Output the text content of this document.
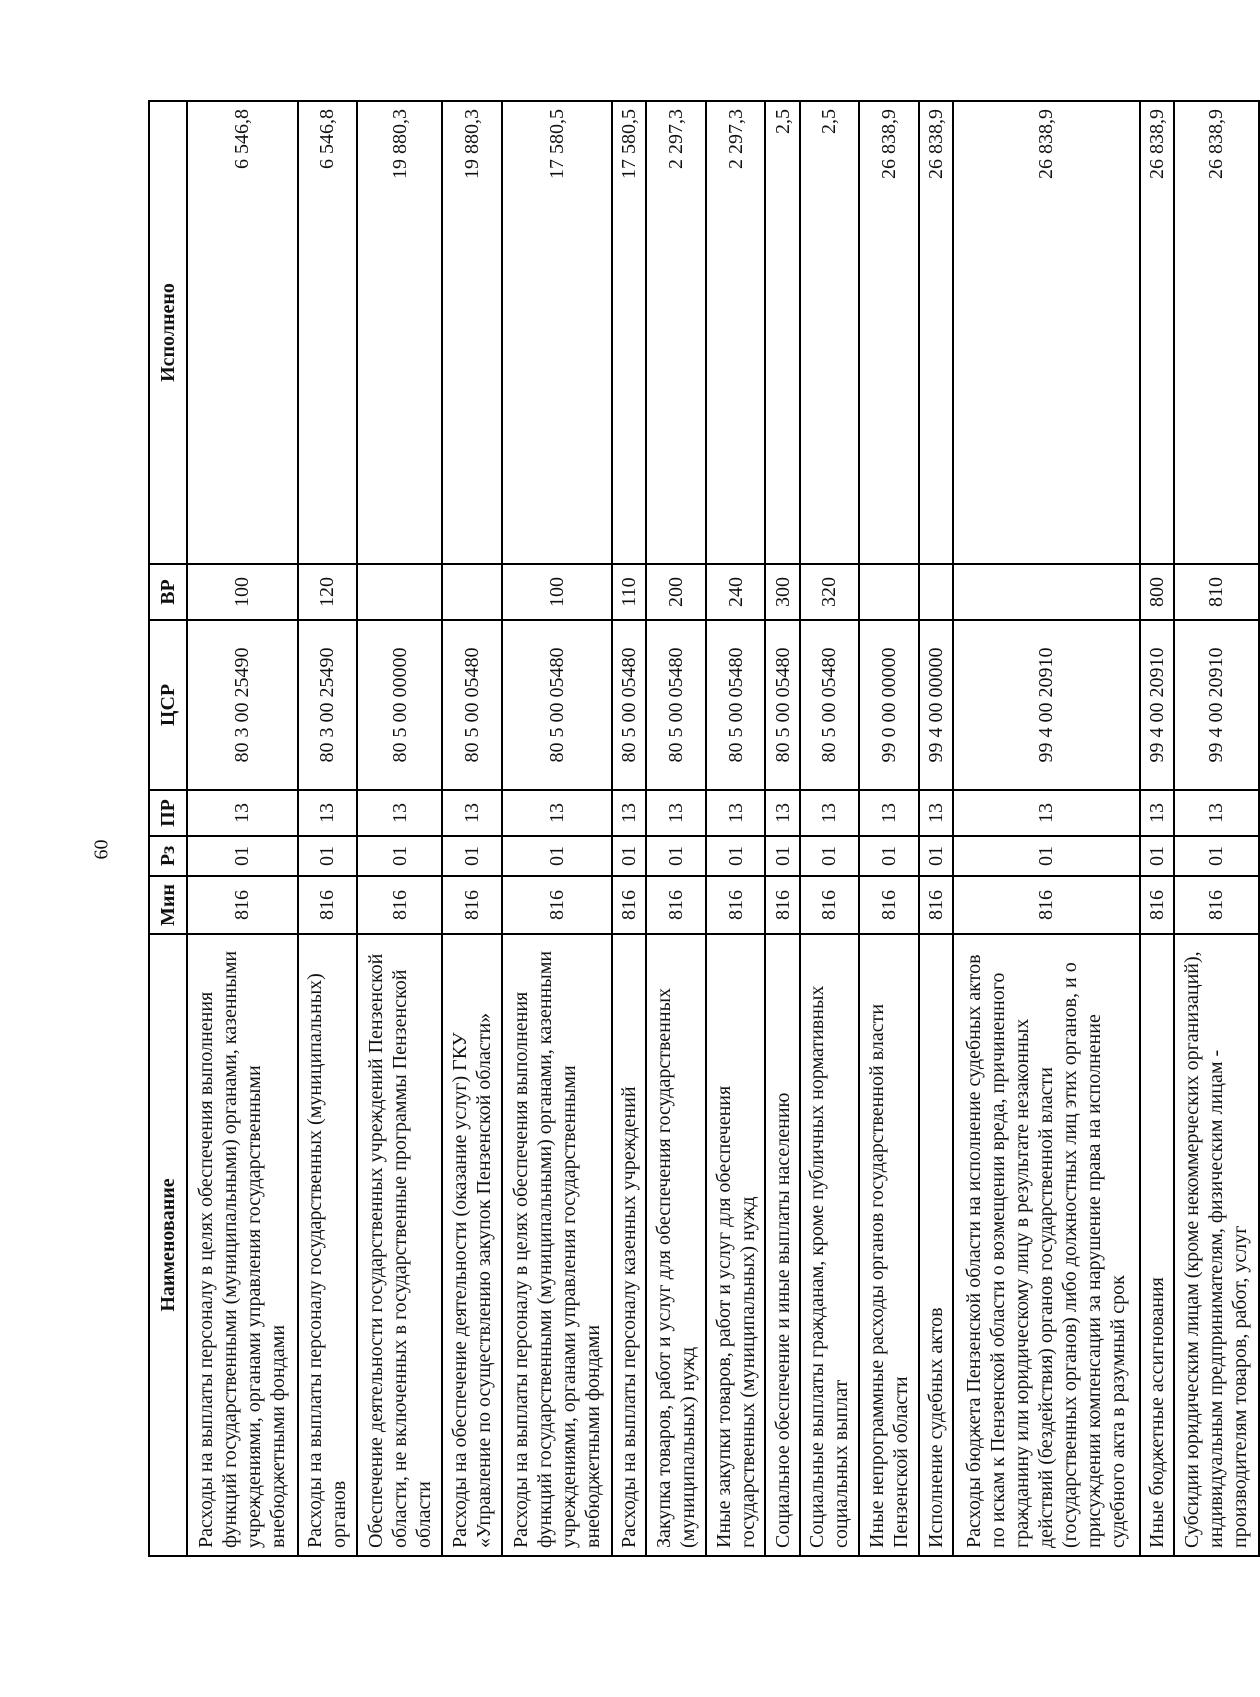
60
Наименование	Мин	Рз	ПР	ЦСР	ВР	Исполнено
Расходы на выплаты персоналу в целях обеспечения выполнения функций государственными (муниципальными) органами, казенными учреждениями, органами управления государственными внебюджетными фондами	816	01	13	80 3 00 25490	100	6 546,8
Расходы на выплаты персоналу государственных (муниципальных) органов	816	01	13	80 3 00 25490	120	6 546,8
Обеспечение деятельности государственных учреждений Пензенской области, не включенных в государственные программы Пензенской области	816	01	13	80 5 00 00000		19 880,3
Расходы на обеспечение деятельности (оказание услуг) ГКУ «Управление по осуществлению закупок Пензенской области»	816	01	13	80 5 00 05480		19 880,3
Расходы на выплаты персоналу в целях обеспечения выполнения функций государственными (муниципальными) органами, казенными учреждениями, органами управления государственными внебюджетными фондами	816	01	13	80 5 00 05480	100	17 580,5
Расходы на выплаты персоналу казенных учреждений	816	01	13	80 5 00 05480	110	17 580,5
Закупка товаров, работ и услуг для обеспечения государственных (муниципальных) нужд	816	01	13	80 5 00 05480	200	2 297,3
Иные закупки товаров, работ и услуг для обеспечения государственных (муниципальных) нужд	816	01	13	80 5 00 05480	240	2 297,3
Социальное обеспечение и иные выплаты населению	816	01	13	80 5 00 05480	300	2,5
Социальные выплаты гражданам, кроме публичных нормативных социальных выплат	816	01	13	80 5 00 05480	320	2,5
Иные непрограммные расходы органов государственной власти Пензенской области	816	01	13	99 0 00 00000		26 838,9
Исполнение судебных актов	816	01	13	99 4 00 00000		26 838,9
Расходы бюджета Пензенской области на исполнение судебных актов по искам к Пензенской области о возмещении вреда, причиненного гражданину или юридическому лицу в результате незаконных действий (бездействия) органов государственной власти (государственных органов) либо должностных лиц этих органов, и о присуждении компенсации за нарушение права на исполнение судебного акта в разумный срок	816	01	13	99 4 00 20910		26 838,9
Иные бюджетные ассигнования	816	01	13	99 4 00 20910	800	26 838,9
Субсидии юридическим лицам (кроме некоммерческих организаций), индивидуальным предпринимателям, физическим лицам - производителям товаров, работ, услуг	816	01	13	99 4 00 20910	810	26 838,9
